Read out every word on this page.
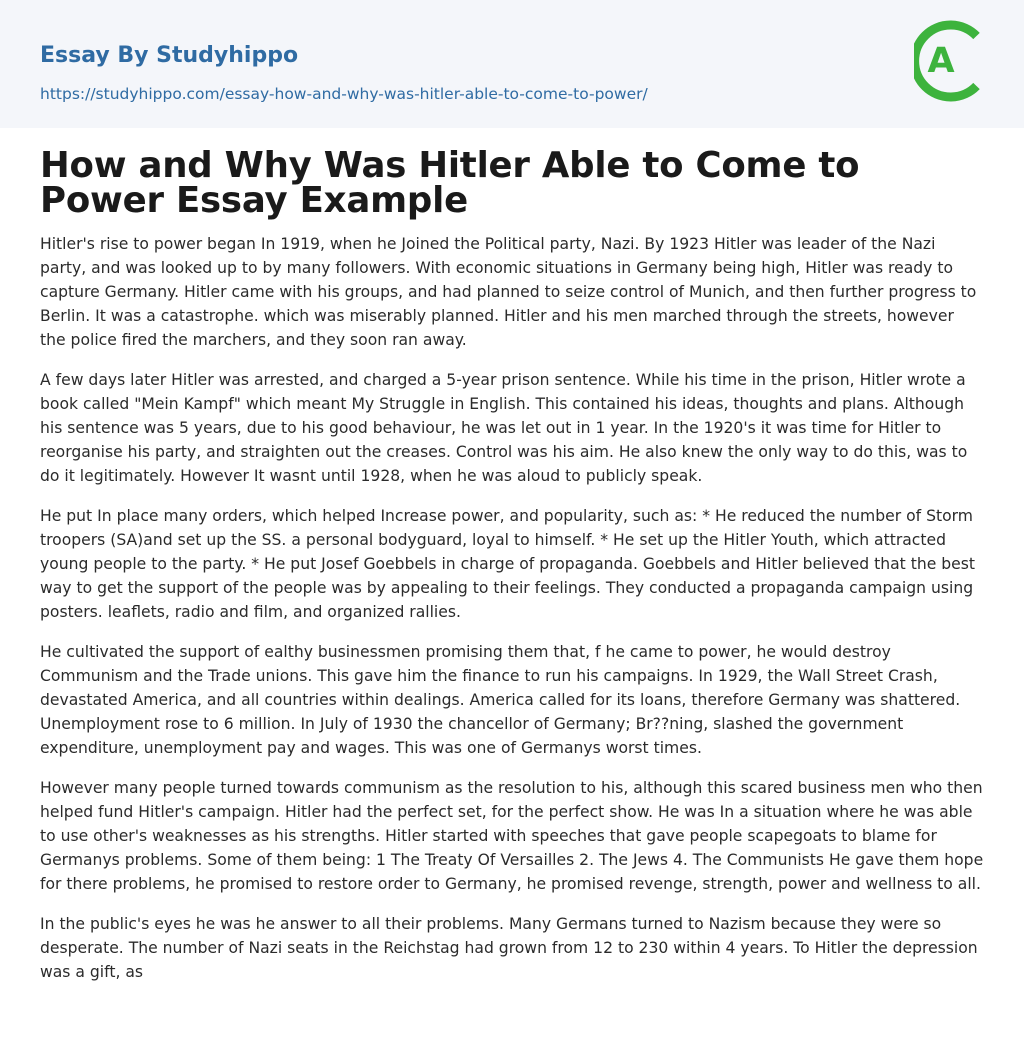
Essay By Studyhippo
https://studyhippo.com/essay-how-and-why-was-hitler-able-to-come-to-power/
A
How and Why Was Hitler Able to Come to Power Essay Example

Hitler's rise to power began In 1919, when he Joined the Political party, Nazi. By 1923 Hitler was leader of the Nazi party, and was looked up to by many followers. With economic situations in Germany being high, Hitler was ready to capture Germany. Hitler came with his groups, and had planned to seize control of Munich, and then further progress to Berlin. It was a catastrophe. which was miserably planned. Hitler and his men marched through the streets, however the police fired the marchers, and they soon ran away.

A few days later Hitler was arrested, and charged a 5-year prison sentence. While his time in the prison, Hitler wrote a book called "Mein Kampf" which meant My Struggle in English. This contained his ideas, thoughts and plans. Although his sentence was 5 years, due to his good behaviour, he was let out in 1 year. In the 1920's it was time for Hitler to reorganise his party, and straighten out the creases. Control was his aim. He also knew the only way to do this, was to do it legitimately. However It wasnt until 1928, when he was aloud to publicly speak.

He put In place many orders, which helped Increase power, and popularity, such as: * He reduced the number of Storm troopers (SA)and set up the SS. a personal bodyguard, loyal to himself. * He set up the Hitler Youth, which attracted young people to the party. * He put Josef Goebbels in charge of propaganda. Goebbels and Hitler believed that the best way to get the support of the people was by appealing to their feelings. They conducted a propaganda campaign using posters. leaflets, radio and film, and organized rallies.

He cultivated the support of ealthy businessmen promising them that, f he came to power, he would destroy Communism and the Trade unions. This gave him the finance to run his campaigns. In 1929, the Wall Street Crash, devastated America, and all countries within dealings. America called for its loans, therefore Germany was shattered. Unemployment rose to 6 million. In July of 1930 the chancellor of Germany; Br??ning, slashed the government expenditure, unemployment pay and wages. This was one of Germanys worst times.

However many people turned towards communism as the resolution to his, although this scared business men who then helped fund Hitler's campaign. Hitler had the perfect set, for the perfect show. He was In a situation where he was able to use other's weaknesses as his strengths. Hitler started with speeches that gave people scapegoats to blame for Germanys problems. Some of them being: 1 The Treaty Of Versailles 2. The Jews 4. The Communists He gave them hope for there problems, he promised to restore order to Germany, he promised revenge, strength, power and wellness to all.

In the public's eyes he was he answer to all their problems. Many Germans turned to Nazism because they were so desperate. The number of Nazi seats in the Reichstag had grown from 12 to 230 within 4 years. To Hitler the depression was a gift, as
